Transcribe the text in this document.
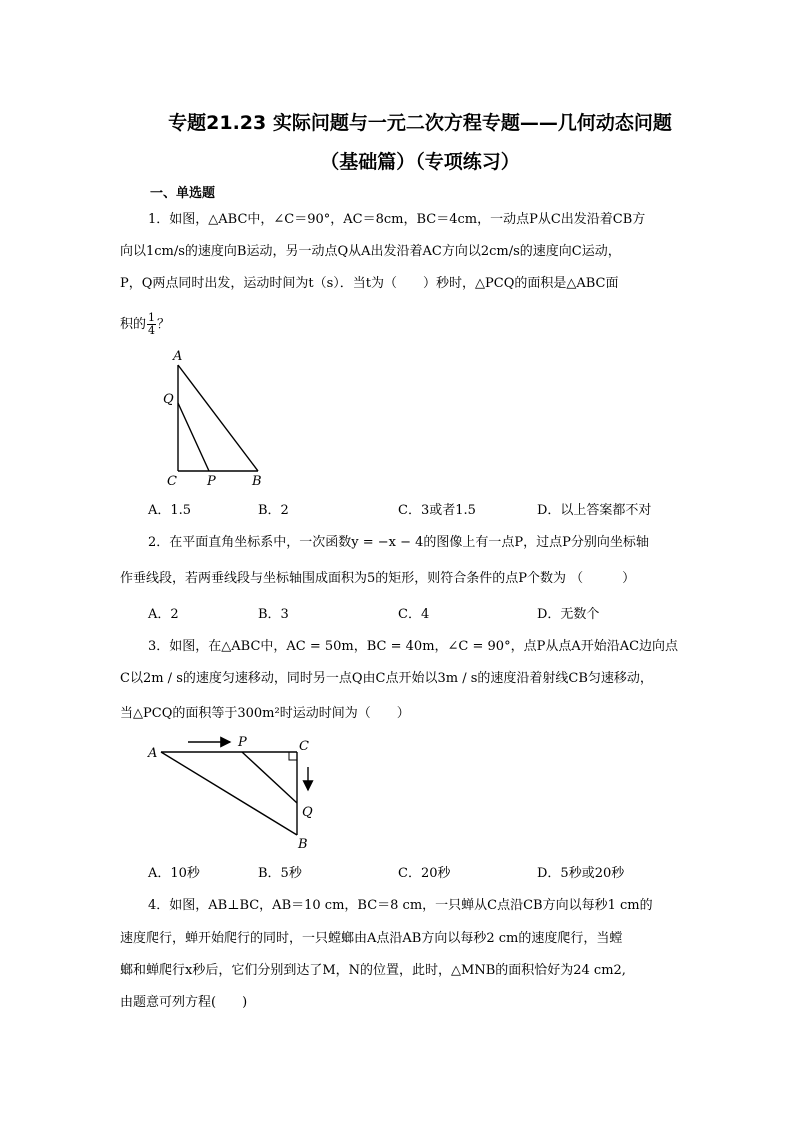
专题21.23 实际问题与一元二次方程专题——几何动态问题
（基础篇）（专项练习）
一、单选题
1．如图，△ABC中，∠C＝90°，AC＝8cm，BC＝4cm，一动点P从C出发沿着CB方
向以1cm/s的速度向B运动，另一动点Q从A出发沿着AC方向以2cm/s的速度向C运动，
P，Q两点同时出发，运动时间为t（s）．当t为（　　）秒时，△PCQ的面积是△ABC面
积的 $\frac{1}{4}$ ？
A
Q
C P	B
A．1.5	B．2	C．3或者1.5	D．以上答案都不对
2．在平面直角坐标系中，一次函数y = −x − 4的图像上有一点P，过点P分别向坐标轴
作垂线段，若两垂线段与坐标轴围成面积为5的矩形，则符合条件的点P个数为 （　　　）
A．2	B．3	C．4	D．无数个
3．如图，在△ABC中，AC = 50m，BC = 40m，∠C = 90°，点P从点A开始沿AC边向点
C以2m / s的速度匀速移动，同时另一点Q由C点开始以3m / s的速度沿着射线CB匀速移动，
当△PCQ的面积等于300m²时运动时间为（　　）
A
P	C
Q
B
A．10秒	B．5秒	C．20秒	D．5秒或20秒
4．如图，AB⊥BC，AB＝10 cm，BC＝8 cm，一只蝉从C点沿CB方向以每秒1 cm的
速度爬行，蝉开始爬行的同时，一只螳螂由A点沿AB方向以每秒2 cm的速度爬行，当螳
螂和蝉爬行x秒后，它们分别到达了M，N的位置，此时，△MNB的面积恰好为24 cm2,
由题意可列方程(　　)
